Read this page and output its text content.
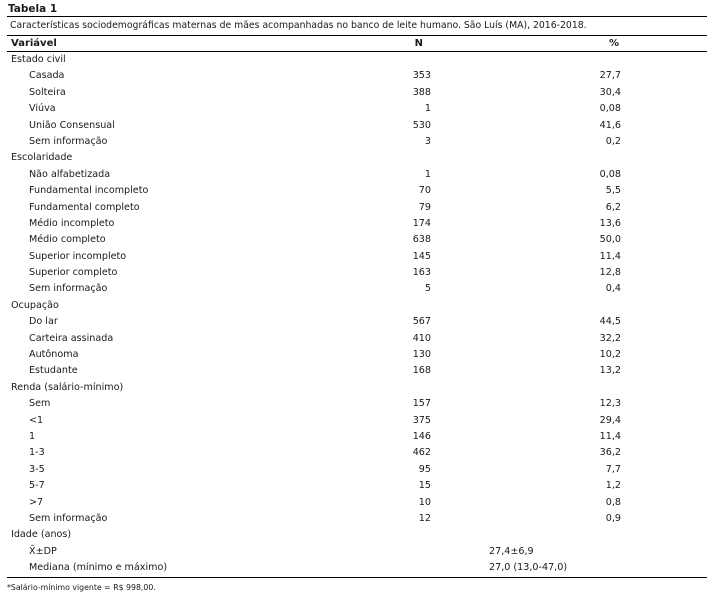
Tabela 1
Características sociodemográficas maternas de mães acompanhadas no banco de leite humano. São Luís (MA), 2016-2018.
Variável	N	%
Estado civil
Casada	353	27,7
Solteira	388	30,4
Viúva	1	0,08
União Consensual	530	41,6
Sem informação	3	0,2
Escolaridade
Não alfabetizada	1	0,08
Fundamental incompleto	70	5,5
Fundamental completo	79	6,2
Médio incompleto	174	13,6
Médio completo	638	50,0
Superior incompleto	145	11,4
Superior completo	163	12,8
Sem informação	5	0,4
Ocupação
Do lar	567	44,5
Carteira assinada	410	32,2
Autônoma	130	10,2
Estudante	168	13,2
Renda (salário-mínimo)
Sem	157	12,3
<1	375	29,4
1	146	11,4
1-3	462	36,2
3-5	95	7,7
5-7	15	1,2
>7	10	0,8
Sem informação	12	0,9
Idade (anos)
X̄±DP	27,4±6,9
Mediana (mínimo e máximo)	27,0 (13,0-47,0)
*Salário-mínimo vigente = R$ 998,00.
